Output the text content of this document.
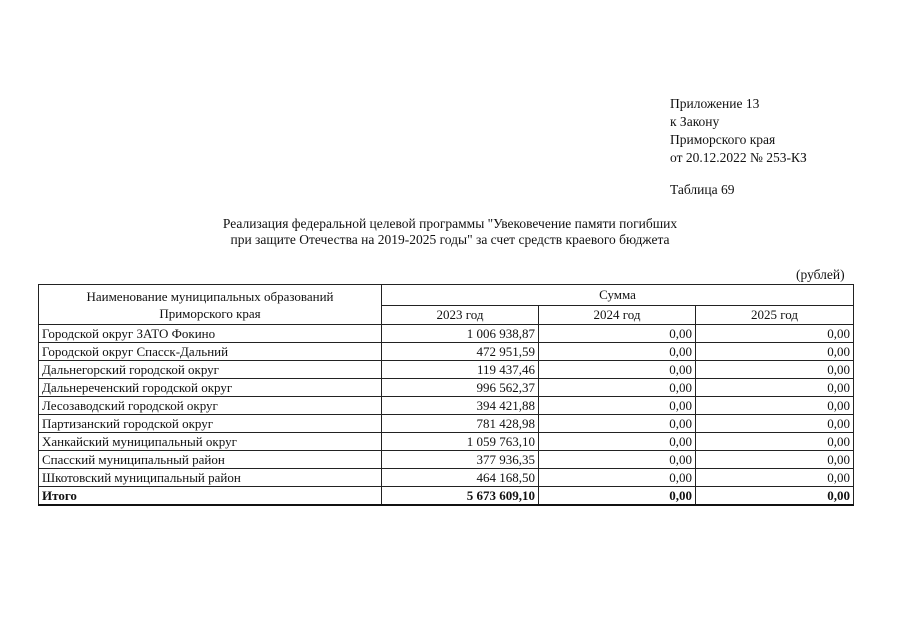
Приложение 13
к Закону
Приморского края
от 20.12.2022 № 253-КЗ
Таблица 69
Реализация федеральной целевой программы "Увековечение памяти погибших
при защите Отечества на 2019-2025 годы" за счет средств краевого бюджета
(рублей)
Наименование муниципальных образований
Приморского края	Сумма		
	2023 год	2024 год	2025 год
Городской округ ЗАТО Фокино	1 006 938,87	0,00	0,00
Городской округ Спасск-Дальний	472 951,59	0,00	0,00
Дальнегорский городской округ	119 437,46	0,00	0,00
Дальнереченский городской округ	996 562,37	0,00	0,00
Лесозаводский городской округ	394 421,88	0,00	0,00
Партизанский городской округ	781 428,98	0,00	0,00
Ханкайский муниципальный округ	1 059 763,10	0,00	0,00
Спасский муниципальный район	377 936,35	0,00	0,00
Шкотовский муниципальный район	464 168,50	0,00	0,00
Итого	5 673 609,10	0,00	0,00
